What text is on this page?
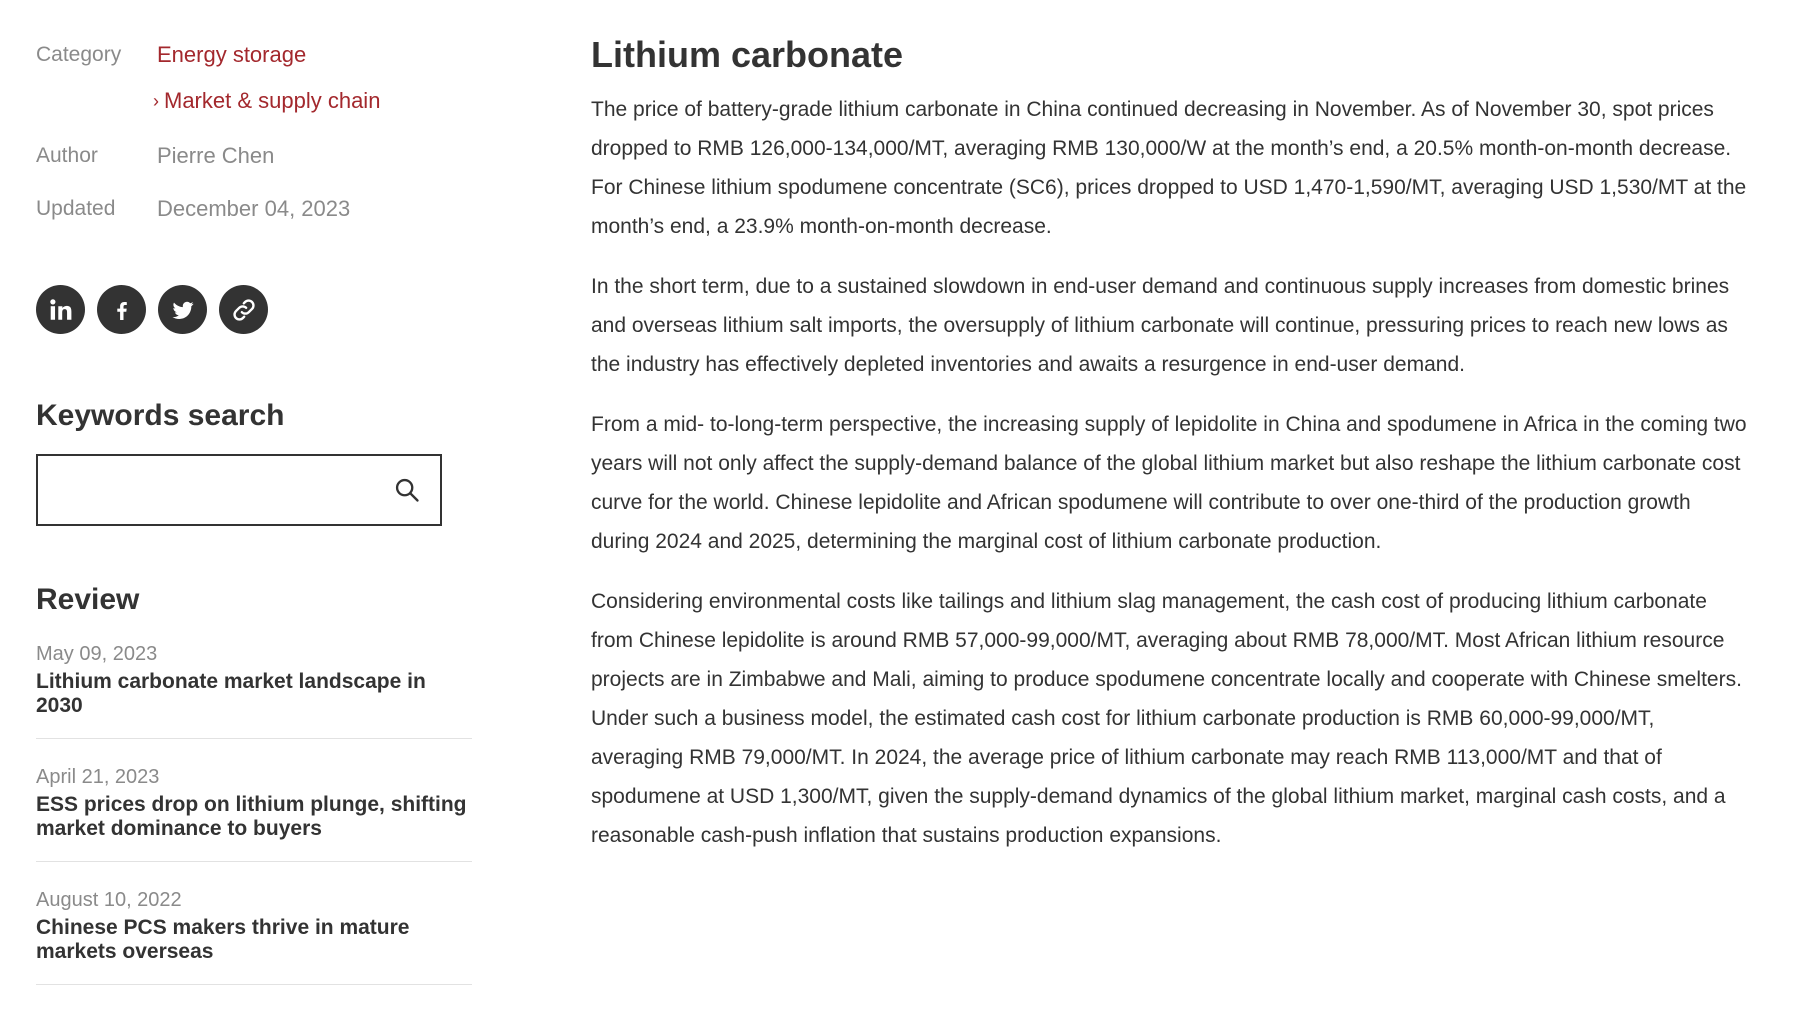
Category	Energy storage
› Market & supply chain
Author	Pierre Chen
Updated	December 04, 2023
Keywords search
Review
May 09, 2023
Lithium carbonate market landscape in 2030
April 21, 2023
ESS prices drop on lithium plunge, shifting market dominance to buyers
August 10, 2022
Chinese PCS makers thrive in mature markets overseas
Lithium carbonate

The price of battery-grade lithium carbonate in China continued decreasing in November. As of November 30, spot prices dropped to RMB 126,000-134,000/MT, averaging RMB 130,000/W at the month’s end, a 20.5% month-on-month decrease. For Chinese lithium spodumene concentrate (SC6), prices dropped to USD 1,470-1,590/MT, averaging USD 1,530/MT at the month’s end, a 23.9% month-on-month decrease.

In the short term, due to a sustained slowdown in end-user demand and continuous supply increases from domestic brines and overseas lithium salt imports, the oversupply of lithium carbonate will continue, pressuring prices to reach new lows as the industry has effectively depleted inventories and awaits a resurgence in end-user demand.

From a mid- to-long-term perspective, the increasing supply of lepidolite in China and spodumene in Africa in the coming two years will not only affect the supply-demand balance of the global lithium market but also reshape the lithium carbonate cost curve for the world. Chinese lepidolite and African spodumene will contribute to over one-third of the production growth during 2024 and 2025, determining the marginal cost of lithium carbonate production.

Considering environmental costs like tailings and lithium slag management, the cash cost of producing lithium carbonate from Chinese lepidolite is around RMB 57,000-99,000/MT, averaging about RMB 78,000/MT. Most African lithium resource projects are in Zimbabwe and Mali, aiming to produce spodumene concentrate locally and cooperate with Chinese smelters. Under such a business model, the estimated cash cost for lithium carbonate production is RMB 60,000-99,000/MT, averaging RMB 79,000/MT. In 2024, the average price of lithium carbonate may reach RMB 113,000/MT and that of spodumene at USD 1,300/MT, given the supply-demand dynamics of the global lithium market, marginal cash costs, and a reasonable cash-push inflation that sustains production expansions.
